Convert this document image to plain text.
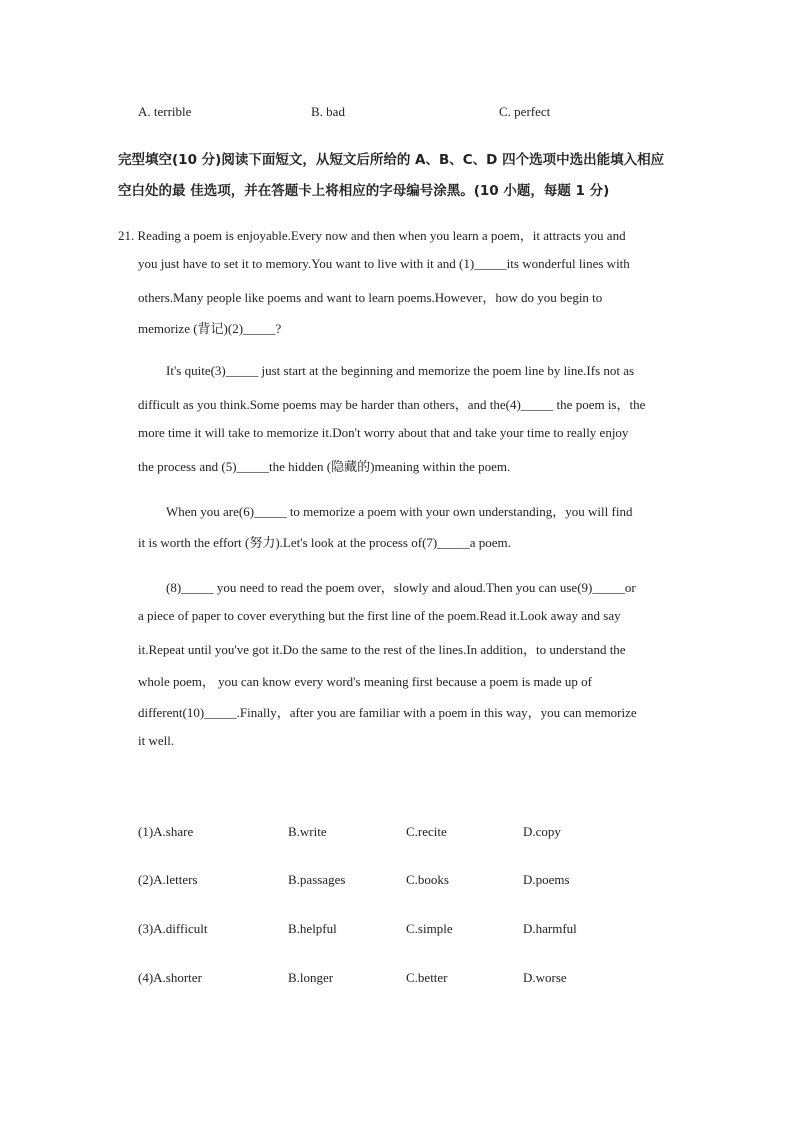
A. terrible	B. bad	C. perfect
完型填空(10 分)阅读下面短文，从短文后所给的 A、B、C、D 四个选项中选出能填入相应
空白处的最 佳选项，并在答题卡上将相应的字母编号涂黑。(10 小题，每题 1 分)
21. Reading a poem is enjoyable.Every now and then when you learn a poem，it attracts you and
you just have to set it to memory.You want to live with it and (1)_____its wonderful lines with
others.Many people like poems and want to learn poems.However，how do you begin to
memorize (背记)(2)_____?
It's quite(3)_____ just start at the beginning and memorize the poem line by line.Ifs not as
difficult as you think.Some poems may be harder than others，and the(4)_____ the poem is，the
more time it will take to memorize it.Don't worry about that and take your time to really enjoy
the process and (5)_____the hidden (隐藏的)meaning within the poem.
When you are(6)_____ to memorize a poem with your own understanding，you will find
it is worth the effort (努力).Let's look at the process of(7)_____a poem.
(8)_____ you need to read the poem over，slowly and aloud.Then you can use(9)_____or
a piece of paper to cover everything but the first line of the poem.Read it.Look away and say
it.Repeat until you've got it.Do the same to the rest of the lines.In addition，to understand the
whole poem， you can know every word's meaning first because a poem is made up of
different(10)_____.Finally，after you are familiar with a poem in this way，you can memorize
it well.
(1)A.share	B.write	C.recite	D.copy
(2)A.letters	B.passages	C.books	D.poems
(3)A.difficult	B.helpful	C.simple	D.harmful
(4)A.shorter	B.longer	C.better	D.worse
